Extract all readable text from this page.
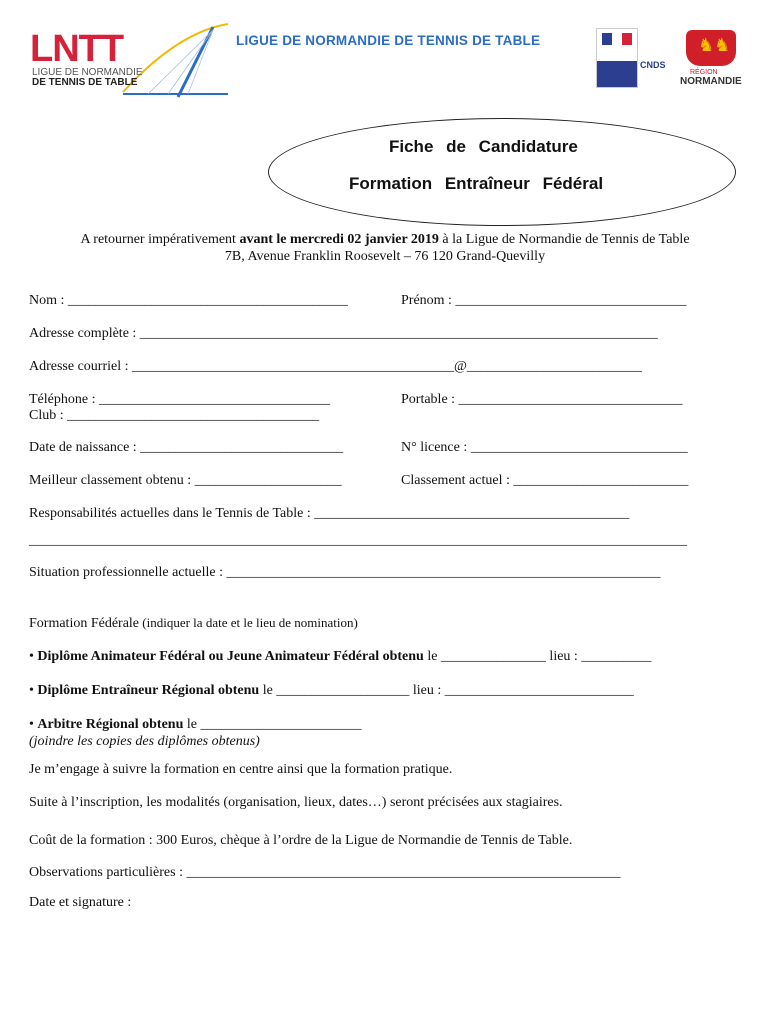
LNTT
LIGUE DE NORMANDIE
DE TENNIS DE TABLE
LIGUE DE NORMANDIE DE TENNIS DE TABLE
CNDS
♞♞
RÉGION
NORMANDIE
Fiche de Candidature
Formation Entraîneur Fédéral
A retourner impérativement avant le mercredi 02 janvier 2019 à la Ligue de Normandie de Tennis de Table
7B, Avenue Franklin Roosevelt – 76 120 Grand-Quevilly
Nom : ________________________________________	Prénom : _________________________________
Adresse complète : __________________________________________________________________________
Adresse courriel : ______________________________________________@_________________________
Téléphone : _________________________________	Portable : ________________________________
Club : ____________________________________
Date de naissance : _____________________________	N° licence : _______________________________
Meilleur classement obtenu : _____________________	Classement actuel : _________________________
Responsabilités actuelles dans le Tennis de Table : _____________________________________________
______________________________________________________________________________________________
Situation professionnelle actuelle : ______________________________________________________________
Formation Fédérale (indiquer la date et le lieu de nomination)
• Diplôme Animateur Fédéral ou Jeune Animateur Fédéral obtenu le _______________ lieu : __________
• Diplôme Entraîneur Régional obtenu le ___________________ lieu : ___________________________
• Arbitre Régional obtenu le _______________________
(joindre les copies des diplômes obtenus)
Je m’engage à suivre la formation en centre ainsi que la formation pratique.
Suite à l’inscription, les modalités (organisation, lieux, dates…) seront précisées aux stagiaires.
Coût de la formation : 300 Euros, chèque à l’ordre de la Ligue de Normandie de Tennis de Table.
Observations particulières : ______________________________________________________________
Date et signature :
